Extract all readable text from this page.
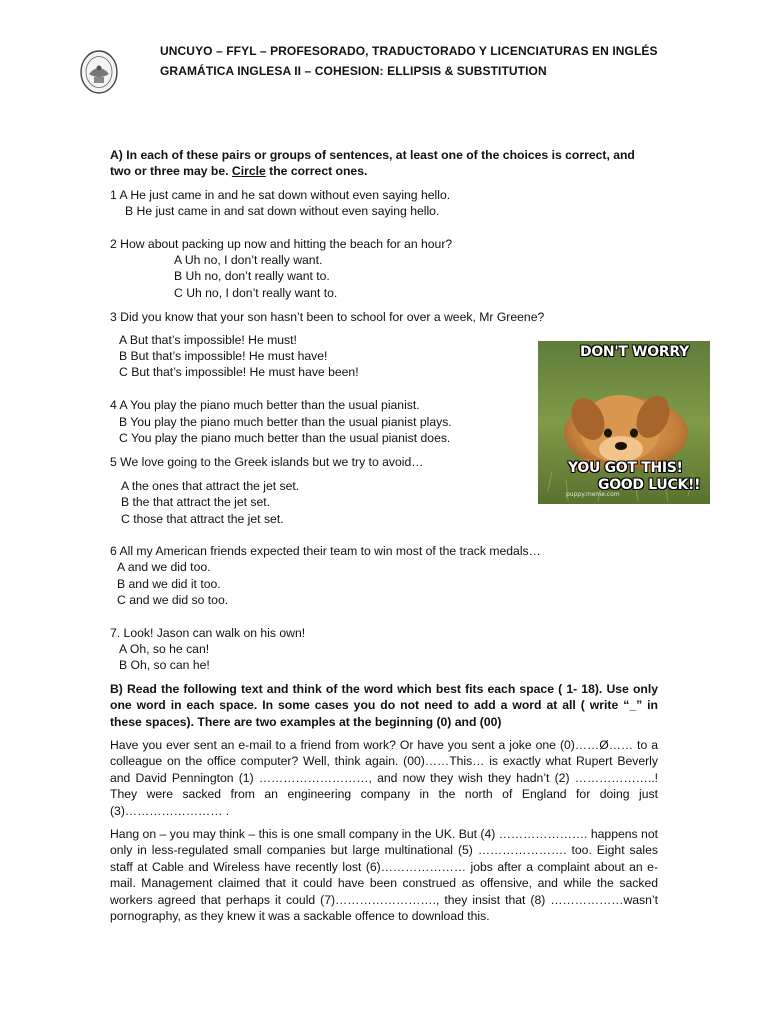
UNCUYO – FFYL – PROFESORADO, TRADUCTORADO Y LICENCIATURAS EN INGLÉS
GRAMÁTICA INGLESA II – COHESION: ELLIPSIS & SUBSTITUTION
A) In each of these pairs or groups of sentences, at least one of the choices is correct, and
two or three may be. Circle the correct ones.
1 A He just came in and he sat down without even saying hello.
B He just came in and sat down without even saying hello.
2 How about packing up now and hitting the beach for an hour?
A Uh no, I don’t really want.
B Uh no, don’t really want to.
C Uh no, I don’t really want to.
3 Did you know that your son hasn’t been to school for over a week, Mr Greene?
A But that’s impossible! He must!
B But that’s impossible! He must have!
C But that’s impossible! He must have been!
DON'T WORRY
YOU GOT THIS!
GOOD LUCK!!
puppy.meme.com
4 A You play the piano much better than the usual pianist.
B You play the piano much better than the usual pianist plays.
C You play the piano much better than the usual pianist does.
5 We love going to the Greek islands but we try to avoid…
A the ones that attract the jet set.
B the that attract the jet set.
C those that attract the jet set.
6 All my American friends expected their team to win most of the track medals…
A and we did too.
B and we did it too.
C and we did so too.
7. Look! Jason can walk on his own!
A Oh, so he can!
B Oh, so can he!
B) Read the following text and think of the word which best fits each space ( 1- 18). Use only one word in each space. In some cases you do not need to add a word at all ( write “_” in these spaces). There are two examples at the beginning (0) and (00)
Have you ever sent an e-mail to a friend from work? Or have you sent a joke one (0)……Ø…… to a colleague on the office computer? Well, think again. (00)……This… is exactly what Rupert Beverly and David Pennington (1) ………………………, and now they wish they hadn’t (2) ………………..! They were sacked from an engineering company in the north of England for doing just (3)…………………… .
Hang on – you may think – this is one small company in the UK. But (4) …………………. happens not only in less-regulated small companies but large multinational (5) …………………. too. Eight sales staff at Cable and Wireless have recently lost (6)………………… jobs after a complaint about an e-mail. Management claimed that it could have been construed as offensive, and while the sacked workers agreed that perhaps it could (7)……………………., they insist that (8) ………………wasn’t pornography, as they knew it was a sackable offence to download this.
